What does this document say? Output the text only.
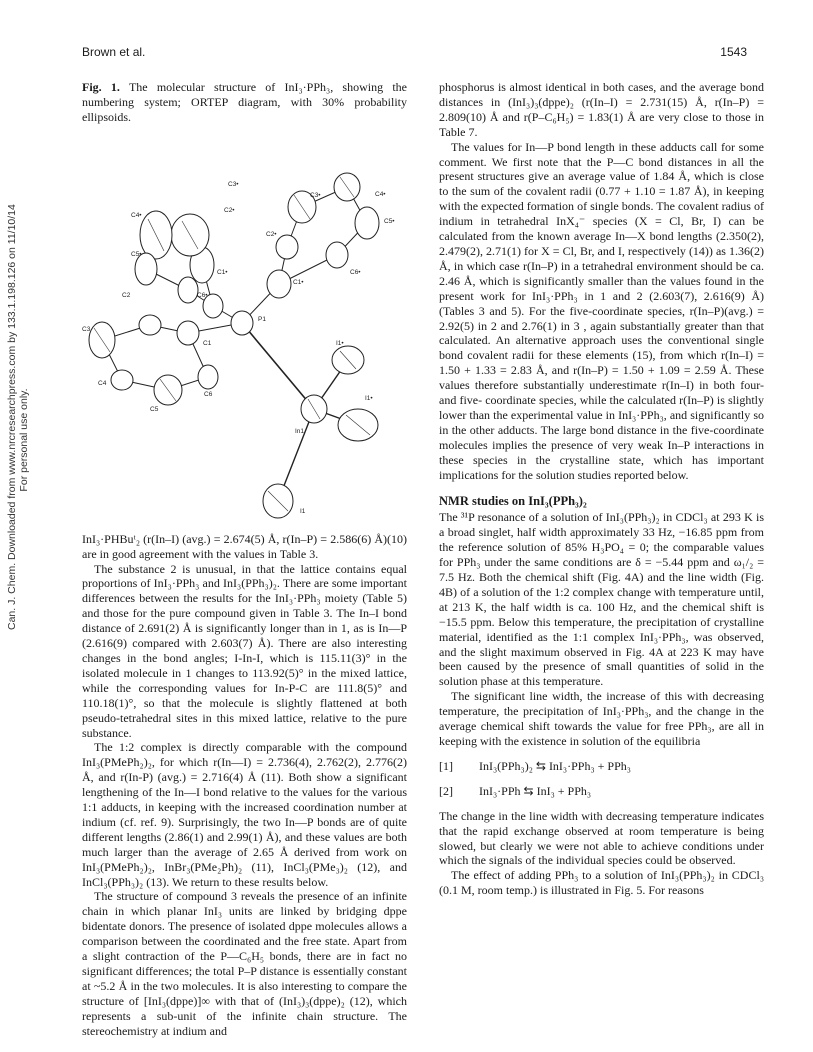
Brown et al.	1543
Can. J. Chem. Downloaded from www.nrcresearchpress.com by 133.1.198.126 on 11/10/14 For personal use only.
Fig. 1. The molecular structure of InI₃·PPh₃, showing the numbering system; ORTEP diagram, with 30% probability ellipsoids.
C3•
C2•
C4•
C5•
C1•
C6•
C3•	C4•
C2•
C5•
C6•
C1•
C2
C3
C1
P1
C4
C6
C5
I1•
I1•
In1
I1

InI₃·PHBuᵗ₂ (r(In–I) (avg.) = 2.674(5) Å, r(In–P) = 2.586(6) Å)(10) are in good agreement with the values in Table 3.

The substance 2 is unusual, in that the lattice contains equal proportions of InI₃·PPh₃ and InI₃(PPh₃)₂. There are some important differences between the results for the InI₃·PPh₃ moiety (Table 5) and those for the pure compound given in Table 3. The In–I bond distance of 2.691(2) Å is significantly longer than in 1, as is In—P (2.616(9) compared with 2.603(7) Å). There are also interesting changes in the bond angles; I-In-I, which is 115.11(3)° in the isolated molecule in 1 changes to 113.92(5)° in the mixed lattice, while the corresponding values for In-P-C are 111.8(5)° and 110.18(1)°, so that the molecule is slightly flattened at both pseudo-tetrahedral sites in this mixed lattice, relative to the pure substance.

The 1:2 complex is directly comparable with the compound InI₃(PMePh₂)₂, for which r(In—I) = 2.736(4), 2.762(2), 2.776(2) Å, and r(In-P) (avg.) = 2.716(4) Å (11). Both show a significant lengthening of the In—I bond relative to the values for the various 1:1 adducts, in keeping with the increased coordination number at indium (cf. ref. 9). Surprisingly, the two In—P bonds are of quite different lengths (2.86(1) and 2.99(1) Å), and these values are both much larger than the average of 2.65 Å derived from work on InI₃(PMePh₂)₂, InBr₃(PMe₂Ph)₂ (11), InCl₃(PMe₃)₂ (12), and InCl₃(PPh₃)₂ (13). We return to these results below.

The structure of compound 3 reveals the presence of an infinite chain in which planar InI₃ units are linked by bridging dppe bidentate donors. The presence of isolated dppe molecules allows a comparison between the coordinated and the free state. Apart from a slight contraction of the P—C₆H₅ bonds, there are in fact no significant differences; the total P–P distance is essentially constant at ~5.2 Å in the two molecules. It is also interesting to compare the structure of [InI₃(dppe)]∞ with that of (InI₃)₃(dppe)₂ (12), which represents a sub-unit of the infinite chain structure. The stereochemistry at indium and

phosphorus is almost identical in both cases, and the average bond distances in (InI₃)₃(dppe)₂ (r(In–I) = 2.731(15) Å, r(In–P) = 2.809(10) Å and r(P–C₆H₅) = 1.83(1) Å are very close to those in Table 7.

The values for In—P bond length in these adducts call for some comment. We first note that the P—C bond distances in all the present structures give an average value of 1.84 Å, which is close to the sum of the covalent radii (0.77 + 1.10 = 1.87 Å), in keeping with the expected formation of single bonds. The covalent radius of indium in tetrahedral InX₄⁻ species (X = Cl, Br, I) can be calculated from the known average In—X bond lengths (2.350(2), 2.479(2), 2.71(1) for X = Cl, Br, and I, respectively (14)) as 1.36(2) Å, in which case r(In–P) in a tetrahedral environment should be ca. 2.46 Å, which is significantly smaller than the values found in the present work for InI₃·PPh₃ in 1 and 2 (2.603(7), 2.616(9) Å) (Tables 3 and 5). For the five-coordinate species, r(In–P)(avg.) = 2.92(5) in 2 and 2.76(1) in 3 , again substantially greater than that calculated. An alternative approach uses the conventional single bond covalent radii for these elements (15), from which r(In–I) = 1.50 + 1.33 = 2.83 Å, and r(In–P) = 1.50 + 1.09 = 2.59 Å. These values therefore substantially underestimate r(In–I) in both four- and five- coordinate species, while the calculated r(In–P) is slightly lower than the experimental value in InI₃·PPh₃, and significantly so in the other adducts. The large bond distance in the five-coordinate molecules implies the presence of very weak In–P interactions in these species in the crystalline state, which has important implications for the solution studies reported below.

NMR studies on InI₃(PPh₃)₂

The ³¹P resonance of a solution of InI₃(PPh₃)₂ in CDCl₃ at 293 K is a broad singlet, half width approximately 33 Hz, −16.85 ppm from the reference solution of 85% H₃PO₄ = 0; the comparable values for PPh₃ under the same conditions are δ = −5.44 ppm and ω₁/₂ = 7.5 Hz. Both the chemical shift (Fig. 4A) and the line width (Fig. 4B) of a solution of the 1:2 complex change with temperature until, at 213 K, the half width is ca. 100 Hz, and the chemical shift is −15.5 ppm. Below this temperature, the precipitation of crystalline material, identified as the 1:1 complex InI₃·PPh₃, was observed, and the slight maximum observed in Fig. 4A at 223 K may have been caused by the presence of small quantities of solid in the solution phase at this temperature.

The significant line width, the increase of this with decreasing temperature, the precipitation of InI₃·PPh₃, and the change in the average chemical shift towards the value for free PPh₃, are all in keeping with the existence in solution of the equilibria

[1]	InI₃(PPh₃)₂ ⇆ InI₃·PPh₃ + PPh₃
[2]	InI₃·PPh ⇆ InI₃ + PPh₃

The change in the line width with decreasing temperature indicates that the rapid exchange observed at room temperature is being slowed, but clearly we were not able to achieve conditions under which the signals of the individual species could be observed.

The effect of adding PPh₃ to a solution of InI₃(PPh₃)₂ in CDCl₃ (0.1 M, room temp.) is illustrated in Fig. 5. For reasons
